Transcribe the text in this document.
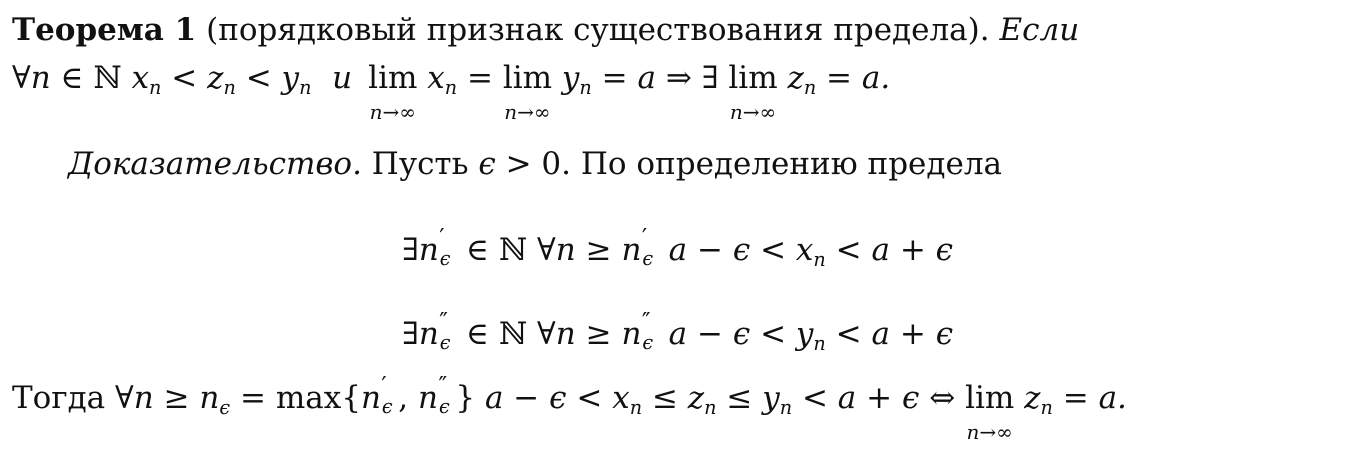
Теорема 1 (порядковый признак существования предела). Если
∀n ∈ ℕ $x_n < z_n < y_n$ и lim
n→∞
$x_n = \lim$
n→∞
$y_n = a$ ⇒ ∃ lim
n→∞
$z_n = a$.
Доказательство. Пусть ϵ > 0. По определению предела
∃n ′
ϵ ∈ ℕ ∀n ≥ n ′
ϵ $a - \epsilon < x_n < a + \epsilon$
∃n ″
ϵ ∈ ℕ ∀n ≥ n ″
ϵ $a - \epsilon < y_n < a + \epsilon$
Тогда ∀n ≥ $n_\epsilon = \max\{n$ ′
ϵ , n ″
ϵ } $a - \epsilon < x_n \le z_n \le y_n < a + \epsilon$ ⇔ lim
n→∞
$z_n = a$.
